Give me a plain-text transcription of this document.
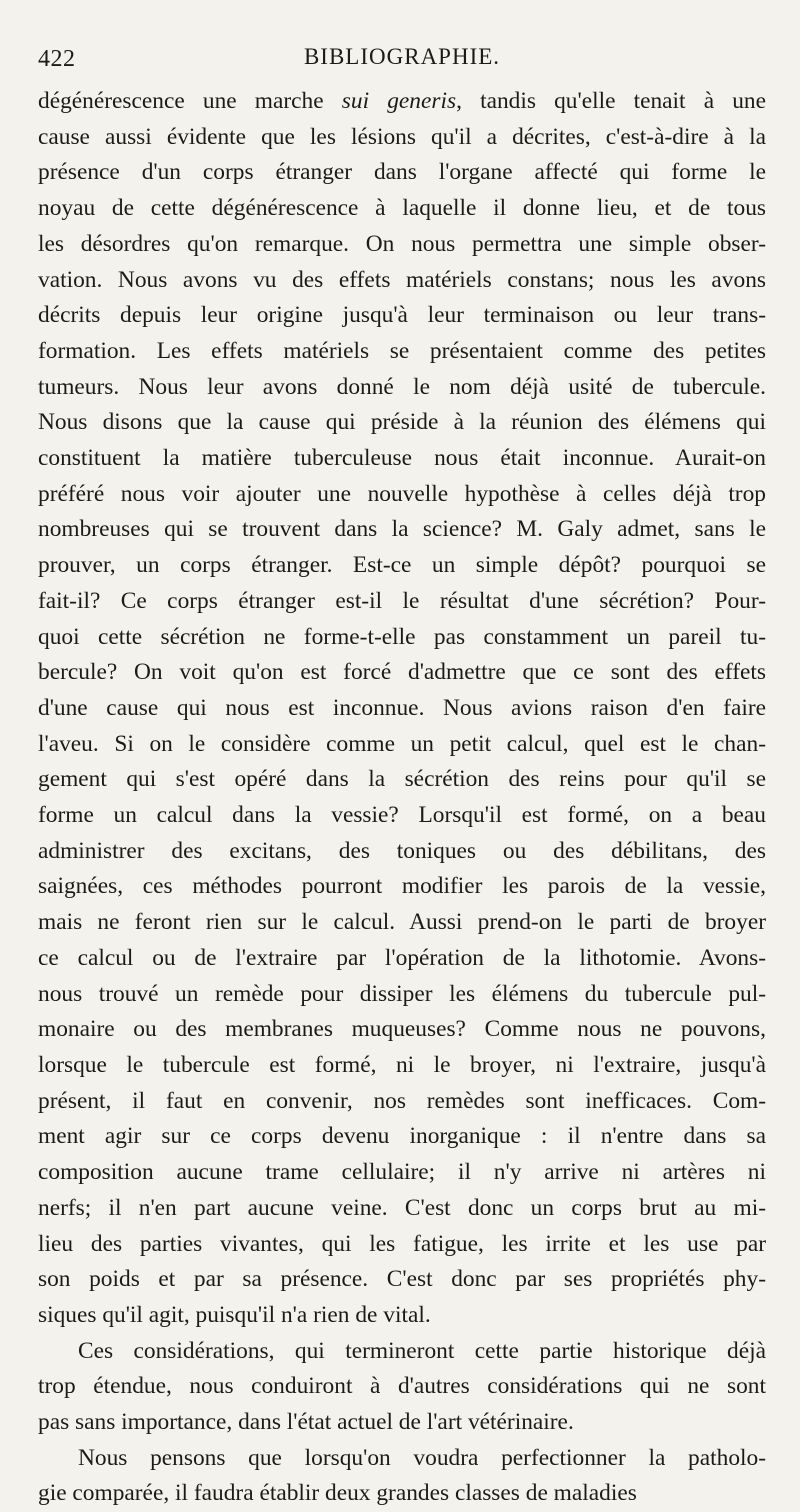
422	BIBLIOGRAPHIE.

dégénérescence une marche sui generis, tandis qu'elle tenait à une
cause aussi évidente que les lésions qu'il a décrites, c'est-à-dire à la
présence d'un corps étranger dans l'organe affecté qui forme le
noyau de cette dégénérescence à laquelle il donne lieu, et de tous
les désordres qu'on remarque. On nous permettra une simple obser-
vation. Nous avons vu des effets matériels constans; nous les avons
décrits depuis leur origine jusqu'à leur terminaison ou leur trans-
formation. Les effets matériels se présentaient comme des petites
tumeurs. Nous leur avons donné le nom déjà usité de tubercule.
Nous disons que la cause qui préside à la réunion des élémens qui
constituent la matière tuberculeuse nous était inconnue. Aurait-on
préféré nous voir ajouter une nouvelle hypothèse à celles déjà trop
nombreuses qui se trouvent dans la science? M. Galy admet, sans le
prouver, un corps étranger. Est-ce un simple dépôt? pourquoi se
fait-il? Ce corps étranger est-il le résultat d'une sécrétion? Pour-
quoi cette sécrétion ne forme-t-elle pas constamment un pareil tu-
bercule? On voit qu'on est forcé d'admettre que ce sont des effets
d'une cause qui nous est inconnue. Nous avions raison d'en faire
l'aveu. Si on le considère comme un petit calcul, quel est le chan-
gement qui s'est opéré dans la sécrétion des reins pour qu'il se
forme un calcul dans la vessie? Lorsqu'il est formé, on a beau
administrer des excitans, des toniques ou des débilitans, des
saignées, ces méthodes pourront modifier les parois de la vessie,
mais ne feront rien sur le calcul. Aussi prend-on le parti de broyer
ce calcul ou de l'extraire par l'opération de la lithotomie. Avons-
nous trouvé un remède pour dissiper les élémens du tubercule pul-
monaire ou des membranes muqueuses? Comme nous ne pouvons,
lorsque le tubercule est formé, ni le broyer, ni l'extraire, jusqu'à
présent, il faut en convenir, nos remèdes sont inefficaces. Com-
ment agir sur ce corps devenu inorganique : il n'entre dans sa
composition aucune trame cellulaire; il n'y arrive ni artères ni
nerfs; il n'en part aucune veine. C'est donc un corps brut au mi-
lieu des parties vivantes, qui les fatigue, les irrite et les use par
son poids et par sa présence. C'est donc par ses propriétés phy-
siques qu'il agit, puisqu'il n'a rien de vital.

Ces considérations, qui termineront cette partie historique déjà
trop étendue, nous conduiront à d'autres considérations qui ne sont
pas sans importance, dans l'état actuel de l'art vétérinaire.

Nous pensons que lorsqu'on voudra perfectionner la patholo-
gie comparée, il faudra établir deux grandes classes de maladies
